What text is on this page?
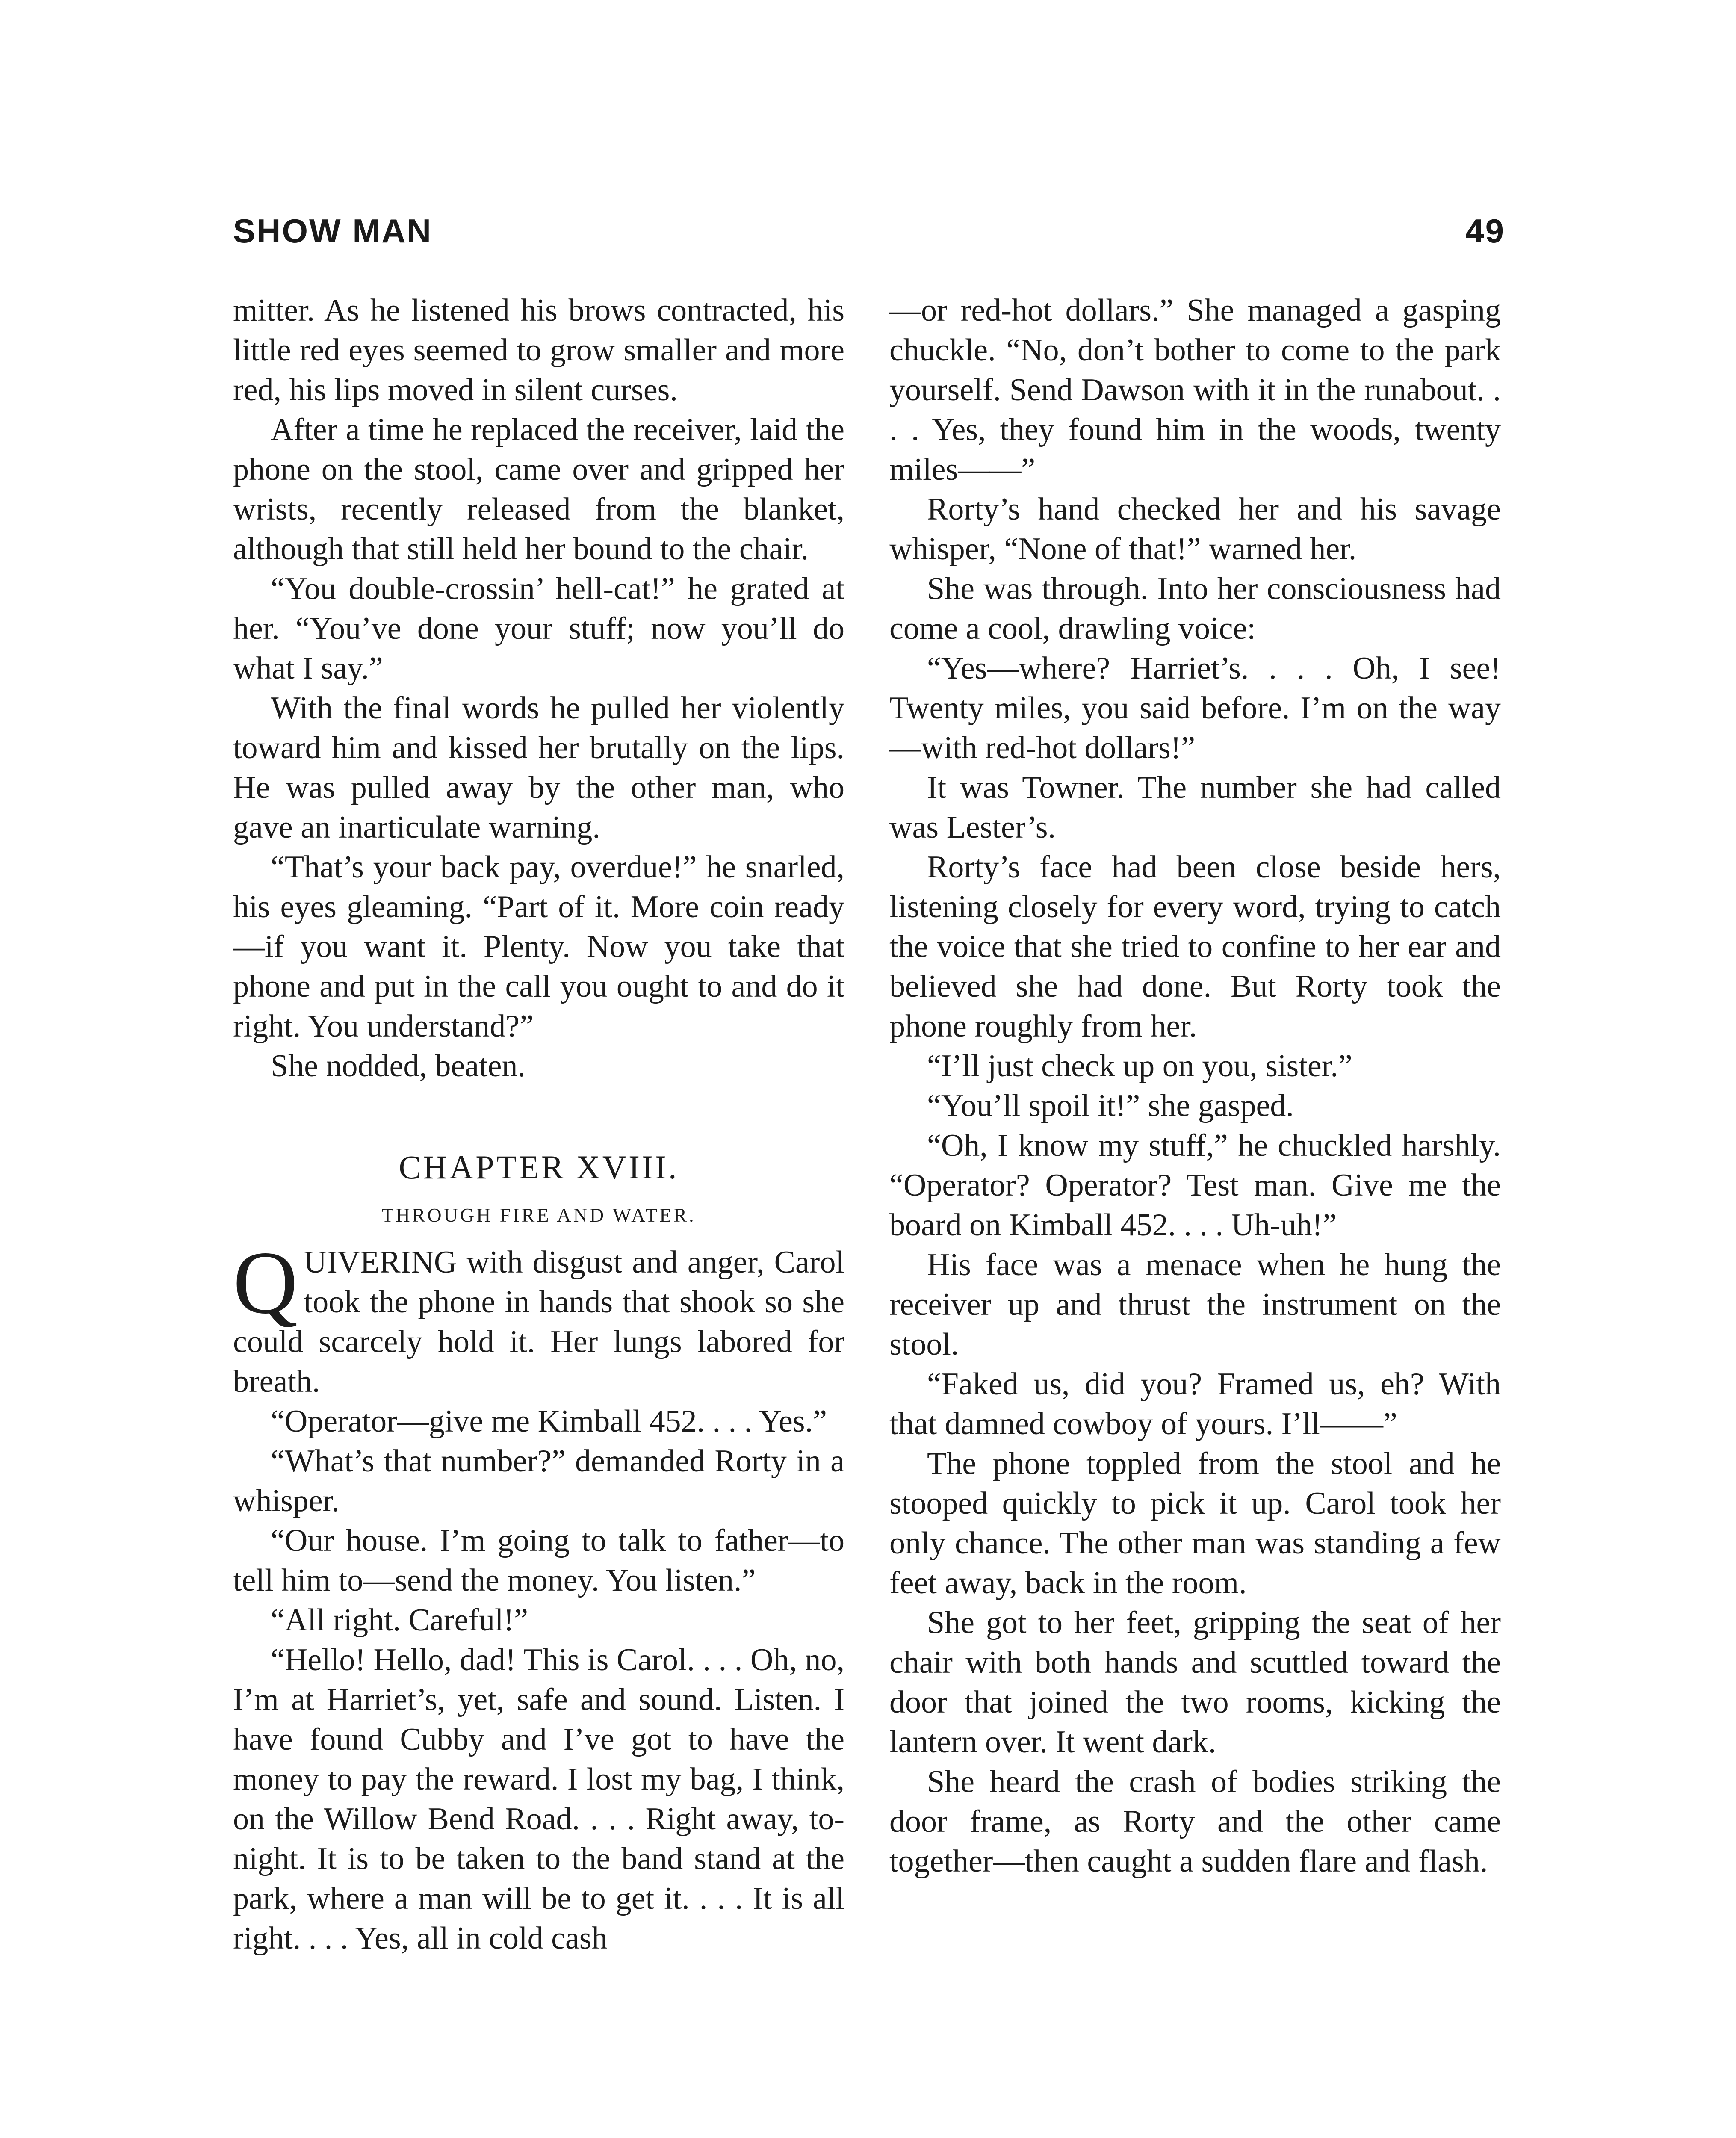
SHOW MAN	49

mitter. As he listened his brows contracted, his little red eyes seemed to grow smaller and more red, his lips moved in silent curses.

After a time he replaced the receiver, laid the phone on the stool, came over and gripped her wrists, recently released from the blanket, although that still held her bound to the chair.

“You double-crossin’ hell-cat!” he grated at her. “You’ve done your stuff; now you’ll do what I say.”

With the final words he pulled her violently toward him and kissed her brutally on the lips. He was pulled away by the other man, who gave an inarticulate warning.

“That’s your back pay, overdue!” he snarled, his eyes gleaming. “Part of it. More coin ready—if you want it. Plenty. Now you take that phone and put in the call you ought to and do it right. You understand?”

She nodded, beaten.

CHAPTER XVIII.
THROUGH FIRE AND WATER.

QUIVERING with disgust and anger, Carol took the phone in hands that shook so she could scarcely hold it. Her lungs labored for breath.

“Operator—give me Kimball 452. . . . Yes.”

“What’s that number?” demanded Rorty in a whisper.

“Our house. I’m going to talk to father—to tell him to—send the money. You listen.”

“All right. Careful!”

“Hello! Hello, dad! This is Carol. . . . Oh, no, I’m at Harriet’s, yet, safe and sound. Listen. I have found Cubby and I’ve got to have the money to pay the reward. I lost my bag, I think, on the Willow Bend Road. . . . Right away, to-night. It is to be taken to the band stand at the park, where a man will be to get it. . . . It is all right. . . . Yes, all in cold cash

—or red-hot dollars.” She managed a gasping chuckle. “No, don’t bother to come to the park yourself. Send Dawson with it in the runabout. . . . Yes, they found him in the woods, twenty miles——”

Rorty’s hand checked her and his savage whisper, “None of that!” warned her.

She was through. Into her consciousness had come a cool, drawling voice:

“Yes—where? Harriet’s. . . . Oh, I see! Twenty miles, you said before. I’m on the way—with red-hot dollars!”

It was Towner. The number she had called was Lester’s.

Rorty’s face had been close beside hers, listening closely for every word, trying to catch the voice that she tried to confine to her ear and believed she had done. But Rorty took the phone roughly from her.

“I’ll just check up on you, sister.”

“You’ll spoil it!” she gasped.

“Oh, I know my stuff,” he chuckled harshly. “Operator? Operator? Test man. Give me the board on Kimball 452. . . . Uh-uh!”

His face was a menace when he hung the receiver up and thrust the instrument on the stool.

“Faked us, did you? Framed us, eh? With that damned cowboy of yours. I’ll——”

The phone toppled from the stool and he stooped quickly to pick it up. Carol took her only chance. The other man was standing a few feet away, back in the room.

She got to her feet, gripping the seat of her chair with both hands and scuttled toward the door that joined the two rooms, kicking the lantern over. It went dark.

She heard the crash of bodies striking the door frame, as Rorty and the other came together—then caught a sudden flare and flash.
